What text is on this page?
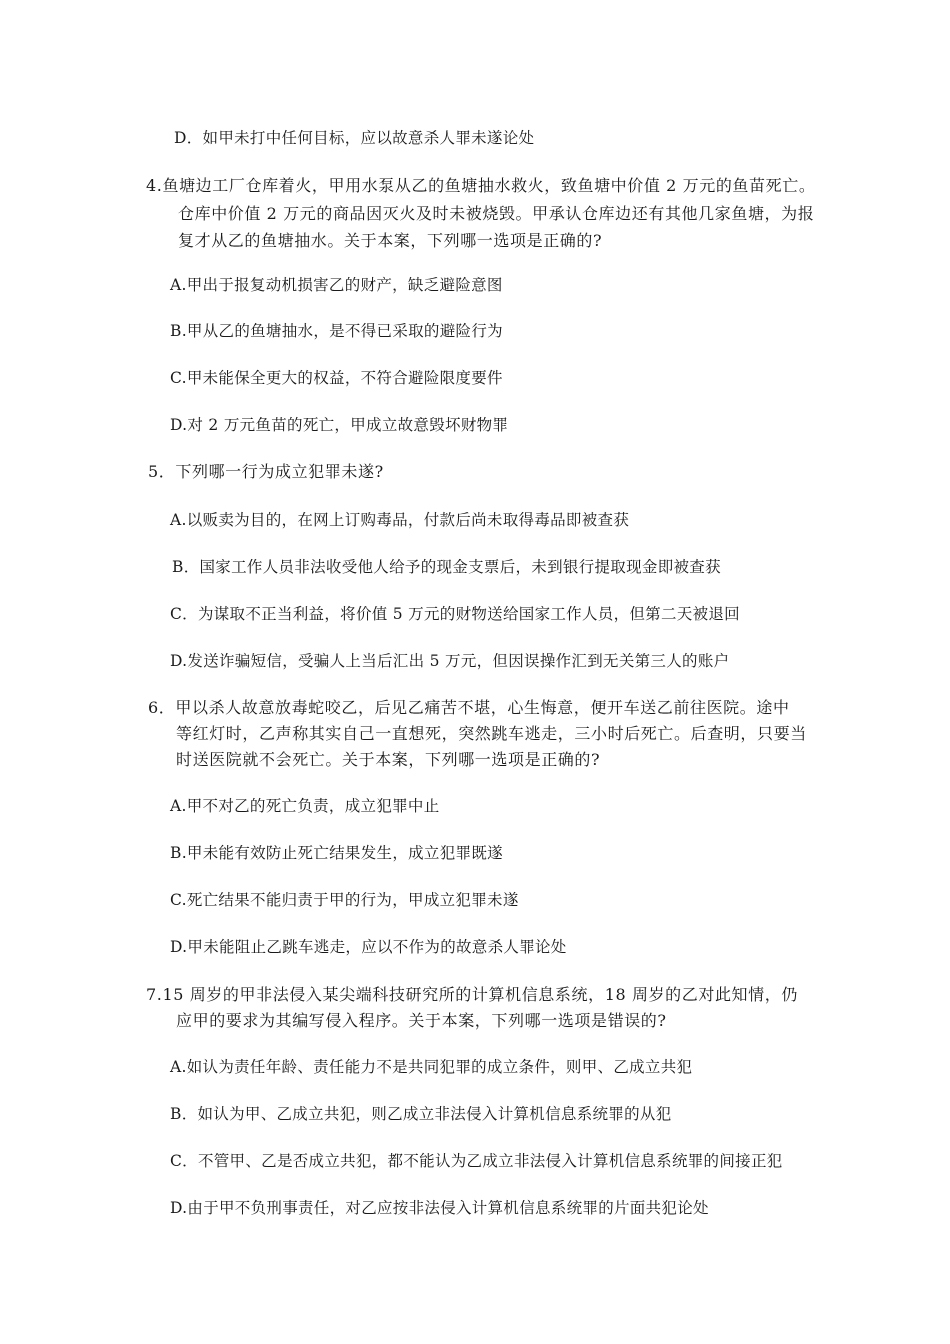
D．如甲未打中任何目标，应以故意杀人罪未遂论处
4.鱼塘边工厂仓库着火，甲用水泵从乙的鱼塘抽水救火，致鱼塘中价值 2 万元的鱼苗死亡。
仓库中价值 2 万元的商品因灭火及时未被烧毁。甲承认仓库边还有其他几家鱼塘，为报
复才从乙的鱼塘抽水。关于本案，下列哪一选项是正确的?
A.甲出于报复动机损害乙的财产，缺乏避险意图
B.甲从乙的鱼塘抽水，是不得已采取的避险行为
C.甲未能保全更大的权益，不符合避险限度要件
D.对 2 万元鱼苗的死亡，甲成立故意毁坏财物罪
5．下列哪一行为成立犯罪未遂?
A.以贩卖为目的，在网上订购毒品，付款后尚未取得毒品即被查获
B．国家工作人员非法收受他人给予的现金支票后，未到银行提取现金即被查获
C．为谋取不正当利益，将价值 5 万元的财物送给国家工作人员，但第二天被退回
D.发送诈骗短信，受骗人上当后汇出 5 万元，但因误操作汇到无关第三人的账户
6．甲以杀人故意放毒蛇咬乙，后见乙痛苦不堪，心生悔意，便开车送乙前往医院。途中
等红灯时，乙声称其实自己一直想死，突然跳车逃走，三小时后死亡。后查明，只要当
时送医院就不会死亡。关于本案，下列哪一选项是正确的?
A.甲不对乙的死亡负责，成立犯罪中止
B.甲未能有效防止死亡结果发生，成立犯罪既遂
C.死亡结果不能归责于甲的行为，甲成立犯罪未遂
D.甲未能阻止乙跳车逃走，应以不作为的故意杀人罪论处
7.15 周岁的甲非法侵入某尖端科技研究所的计算机信息系统，18 周岁的乙对此知情，仍
应甲的要求为其编写侵入程序。关于本案，下列哪一选项是错误的?
A.如认为责任年龄、责任能力不是共同犯罪的成立条件，则甲、乙成立共犯
B．如认为甲、乙成立共犯，则乙成立非法侵入计算机信息系统罪的从犯
C．不管甲、乙是否成立共犯，都不能认为乙成立非法侵入计算机信息系统罪的间接正犯
D.由于甲不负刑事责任，对乙应按非法侵入计算机信息系统罪的片面共犯论处
